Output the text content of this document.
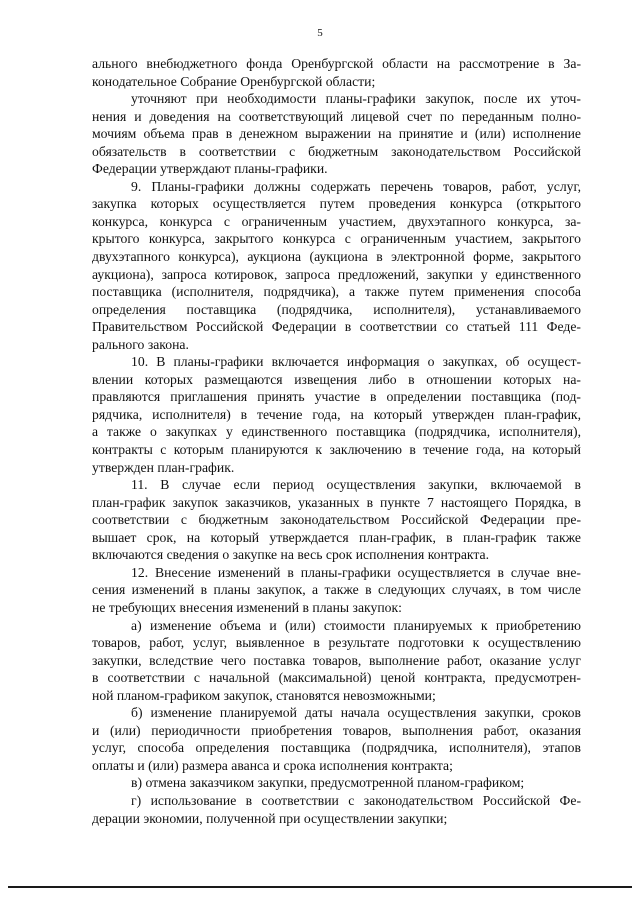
5
ального внебюджетного фонда Оренбургской области на рассмотрение в За-
конодательное Собрание Оренбургской области;
уточняют при необходимости планы-графики закупок, после их уточ-
нения и доведения на соответствующий лицевой счет по переданным полно-
мочиям объема прав в денежном выражении на принятие и (или) исполнение
обязательств в соответствии с бюджетным законодательством Российской
Федерации утверждают планы-графики.
9. Планы-графики должны содержать перечень товаров, работ, услуг,
закупка которых осуществляется путем проведения конкурса (открытого
конкурса, конкурса с ограниченным участием, двухэтапного конкурса, за-
крытого конкурса, закрытого конкурса с ограниченным участием, закрытого
двухэтапного конкурса), аукциона (аукциона в электронной форме, закрытого
аукциона), запроса котировок, запроса предложений, закупки у единственного
поставщика (исполнителя, подрядчика), а также путем применения способа
определения поставщика (подрядчика, исполнителя), устанавливаемого
Правительством Российской Федерации в соответствии со статьей 111 Феде-
рального закона.
10. В планы-графики включается информация о закупках, об осущест-
влении которых размещаются извещения либо в отношении которых на-
правляются приглашения принять участие в определении поставщика (под-
рядчика, исполнителя) в течение года, на который утвержден план-график,
а также о закупках у единственного поставщика (подрядчика, исполнителя),
контракты с которым планируются к заключению в течение года, на который
утвержден план-график.
11. В случае если период осуществления закупки, включаемой в
план-график закупок заказчиков, указанных в пункте 7 настоящего Порядка, в
соответствии с бюджетным законодательством Российской Федерации пре-
вышает срок, на который утверждается план-график, в план-график также
включаются сведения о закупке на весь срок исполнения контракта.
12. Внесение изменений в планы-графики осуществляется в случае вне-
сения изменений в планы закупок, а также в следующих случаях, в том числе
не требующих внесения изменений в планы закупок:
а) изменение объема и (или) стоимости планируемых к приобретению
товаров, работ, услуг, выявленное в результате подготовки к осуществлению
закупки, вследствие чего поставка товаров, выполнение работ, оказание услуг
в соответствии с начальной (максимальной) ценой контракта, предусмотрен-
ной планом-графиком закупок, становятся невозможными;
б) изменение планируемой даты начала осуществления закупки, сроков
и (или) периодичности приобретения товаров, выполнения работ, оказания
услуг, способа определения поставщика (подрядчика, исполнителя), этапов
оплаты и (или) размера аванса и срока исполнения контракта;
в) отмена заказчиком закупки, предусмотренной планом-графиком;
г) использование в соответствии с законодательством Российской Фе-
дерации экономии, полученной при осуществлении закупки;
